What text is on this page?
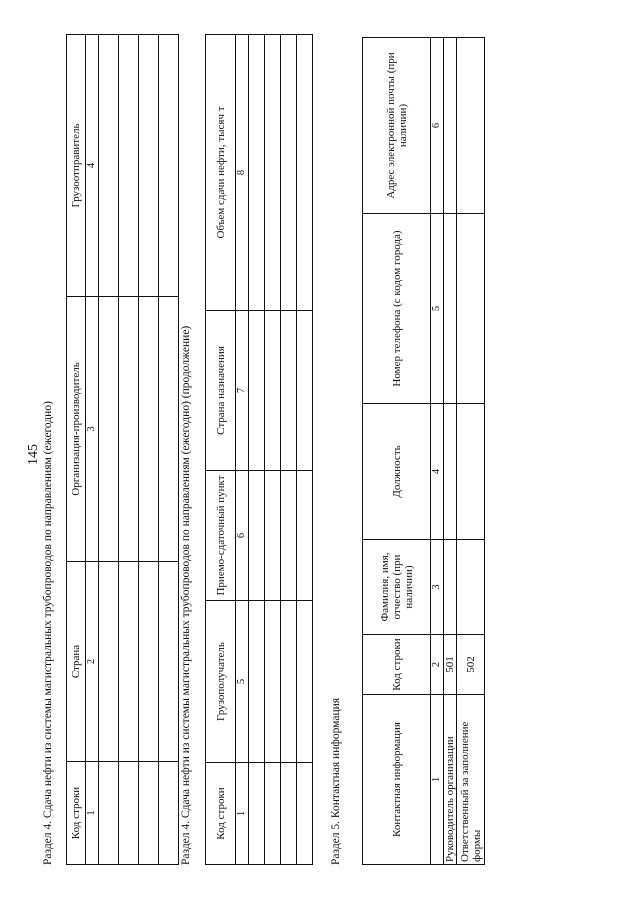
145 Раздел 4. Сдача нефти из системы магистральных трубопроводов по направлениям (ежегодно) Код строки	Страна	Организация-производитель	Грузоотправитель
1	2	3	4

Раздел 4. Сдача нефти из системы магистральных трубопроводов по направлениям (ежегодно) (продолжение) Код строки	Грузополучатель	Приемо-сдаточный пункт	Страна назначения	Объем сдачи нефти, тысяч т
1	5	6	7	8

Раздел 5. Контактная информация	Контактная информация	Код строки	Фамилия, имя, отчество (при наличии)	Должность	Номер телефона (с кодом города)	Адрес электронной почты (при наличии)
1	2	3	4	5	6
Руководитель организации	501				
Ответственный за заполнение формы	502				
